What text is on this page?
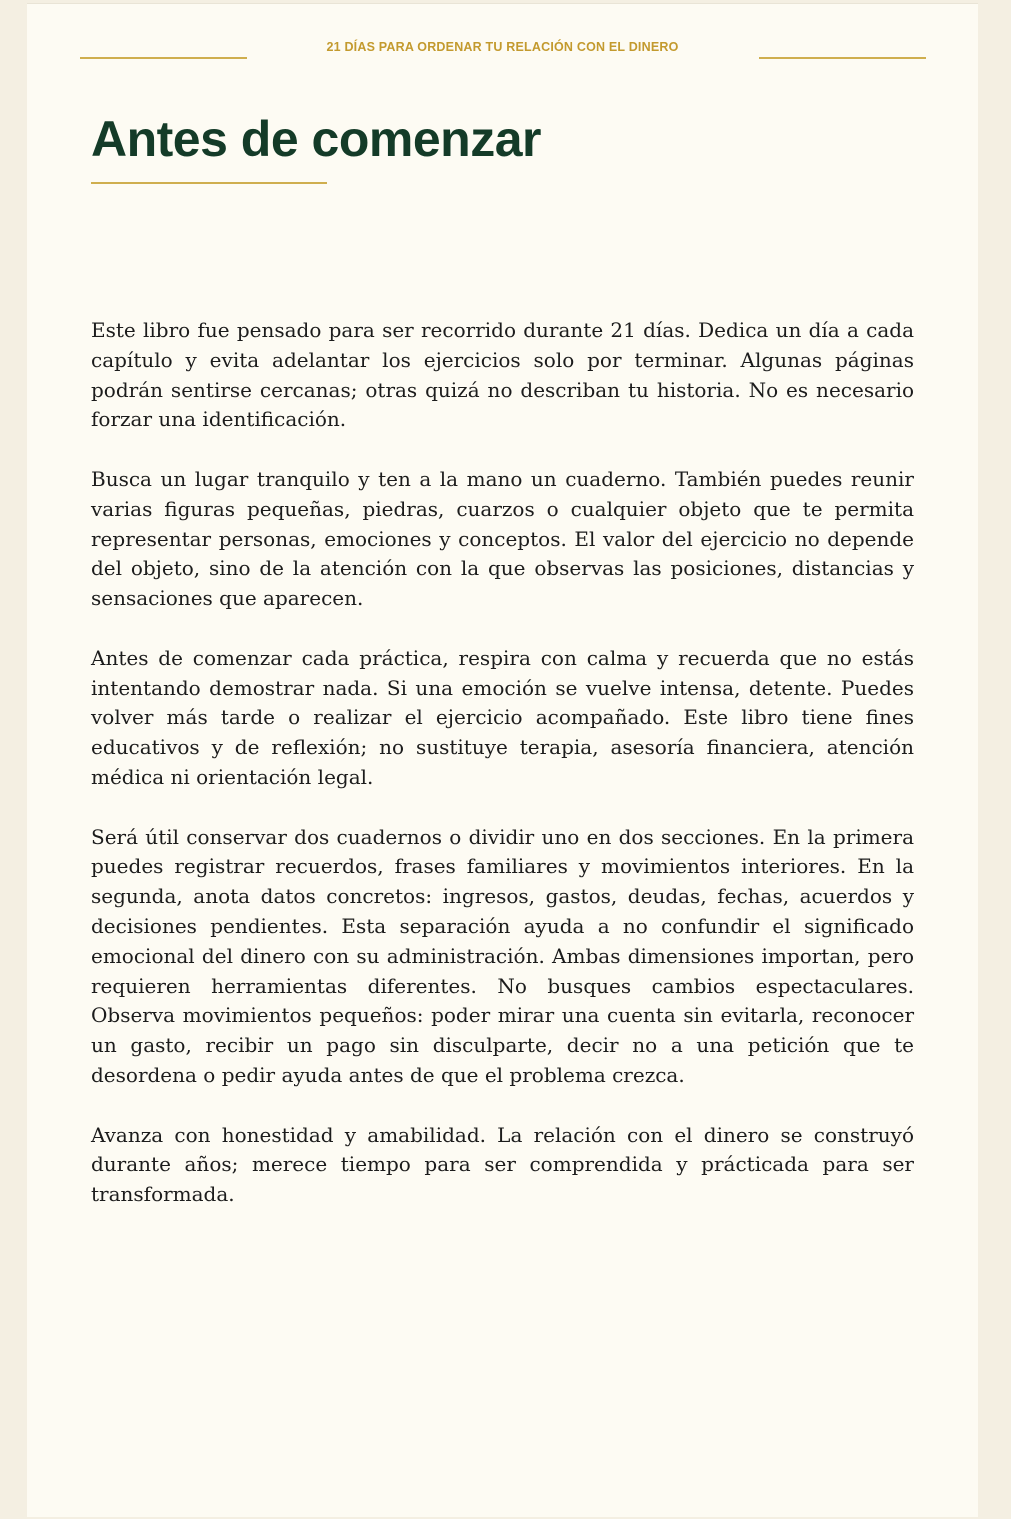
21 DÍAS PARA ORDENAR TU RELACIÓN CON EL DINERO
Antes de comenzar

Este libro fue pensado para ser recorrido durante 21 días. Dedica un día a cada capítulo y evita adelantar los ejercicios solo por terminar. Algunas páginas podrán sentirse cercanas; otras quizá no describan tu historia. No es necesario forzar una identificación.

Busca un lugar tranquilo y ten a la mano un cuaderno. También puedes reunir varias figuras pequeñas, piedras, cuarzos o cualquier objeto que te permita representar personas, emociones y conceptos. El valor del ejercicio no depende del objeto, sino de la atención con la que observas las posiciones, distancias y sensaciones que aparecen.

Antes de comenzar cada práctica, respira con calma y recuerda que no estás intentando demostrar nada. Si una emoción se vuelve intensa, detente. Puedes volver más tarde o realizar el ejercicio acompañado. Este libro tiene fines educativos y de reflexión; no sustituye terapia, asesoría financiera, atención médica ni orientación legal.

Será útil conservar dos cuadernos o dividir uno en dos secciones. En la primera puedes registrar recuerdos, frases familiares y movimientos interiores. En la segunda, anota datos concretos: ingresos, gastos, deudas, fechas, acuerdos y decisiones pendientes. Esta separación ayuda a no confundir el significado emocional del dinero con su administración. Ambas dimensiones importan, pero requieren herramientas diferentes. No busques cambios espectaculares. Observa movimientos pequeños: poder mirar una cuenta sin evitarla, reconocer un gasto, recibir un pago sin disculparte, decir no a una petición que te desordena o pedir ayuda antes de que el problema crezca.

Avanza con honestidad y amabilidad. La relación con el dinero se construyó durante años; merece tiempo para ser comprendida y prácticada para ser transformada.
